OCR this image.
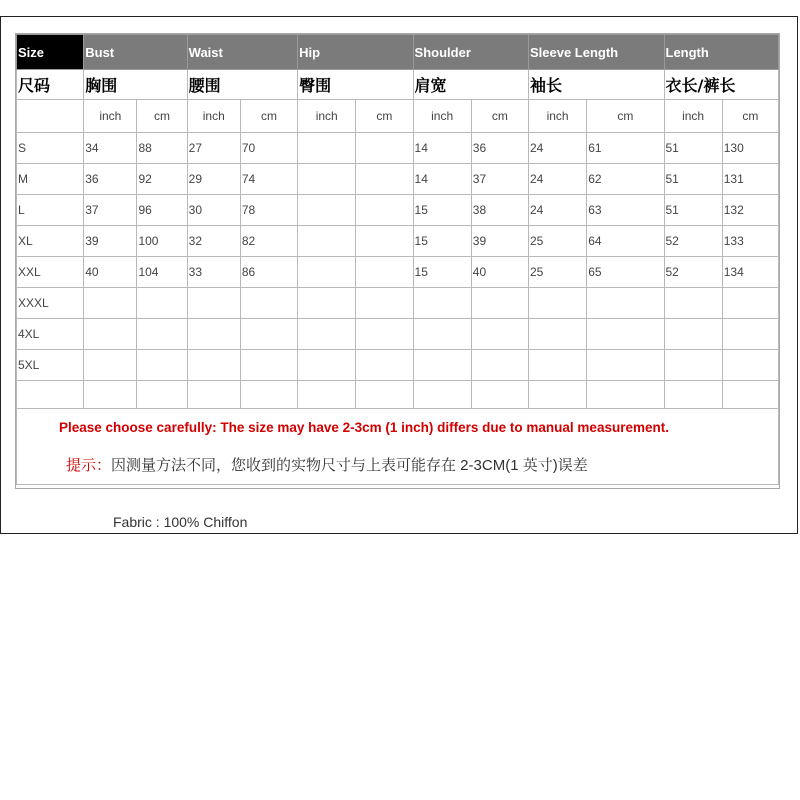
Size	Bust		Waist		Hip		Shoulder		Sleeve Length		Length	
尺码	胸围		腰围		臀围		肩宽		袖长		衣长/裤长	
	inch	cm	inch	cm	inch	cm	inch	cm	inch	cm	inch	cm
S	34	88	27	70			14	36	24	61	51	130
M	36	92	29	74			14	37	24	62	51	131
L	37	96	30	78			15	38	24	63	51	132
XL	39	100	32	82			15	39	25	64	52	133
XXL	40	104	33	86			15	40	25	65	52	134
XXXL												
4XL												
5XL												

Please choose carefully: The size may have 2-3cm (1 inch) differs due to manual measurement.
提示：因测量方法不同，您收到的实物尺寸与上表可能存在 2-3CM(1 英寸)误差
Fabric : 100% Chiffon
